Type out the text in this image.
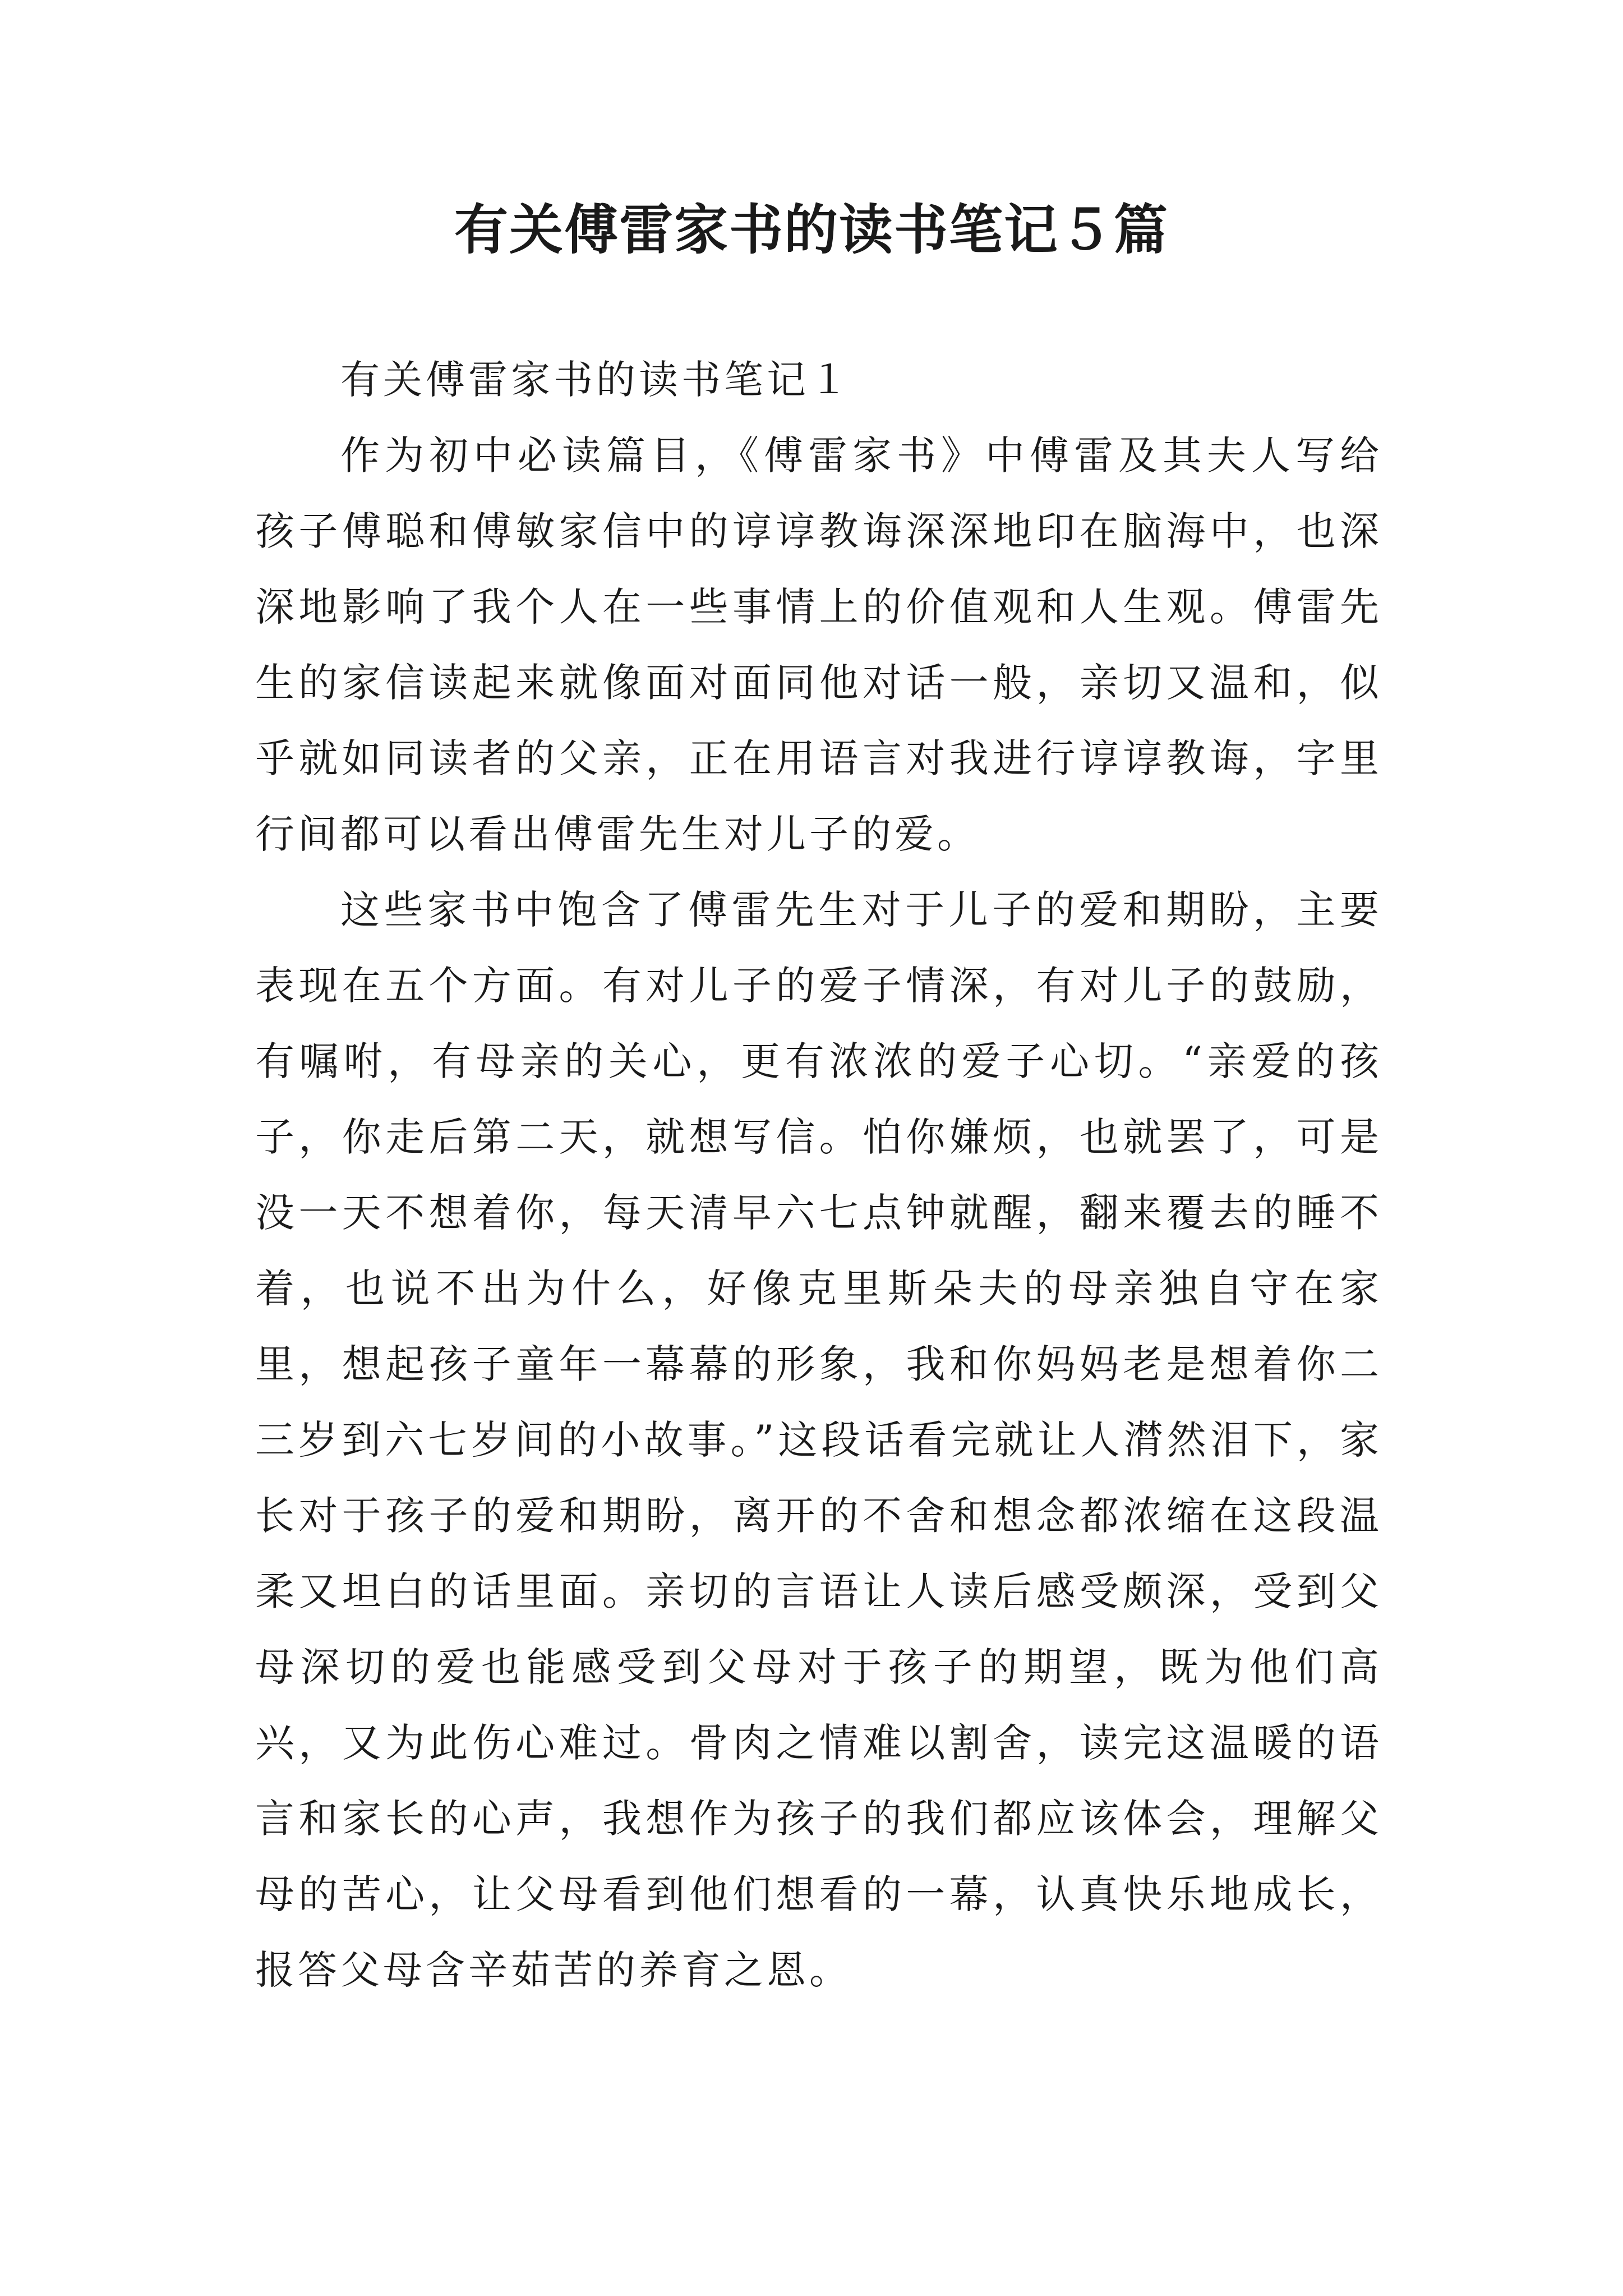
有关傅雷家书的读书笔记５篇
有关傅雷家书的读书笔记１

作为初中必读篇目，《傅雷家书》中傅雷及其夫人写给孩子傅聪和傅敏家信中的谆谆教诲深深地印在脑海中，也深深地影响了我个人在一些事情上的价值观和人生观。傅雷先生的家信读起来就像面对面同他对话一般，亲切又温和，似乎就如同读者的父亲，正在用语言对我进行谆谆教诲，字里行间都可以看出傅雷先生对儿子的爱。

这些家书中饱含了傅雷先生对于儿子的爱和期盼，主要表现在五个方面。有对儿子的爱子情深，有对儿子的鼓励，有嘱咐，有母亲的关心，更有浓浓的爱子心切。“亲爱的孩子，你走后第二天，就想写信。怕你嫌烦，也就罢了，可是没一天不想着你，每天清早六七点钟就醒，翻来覆去的睡不着，也说不出为什么，好像克里斯朵夫的母亲独自守在家里，想起孩子童年一幕幕的形象，我和你妈妈老是想着你二三岁到六七岁间的小故事。”这段话看完就让人潸然泪下，家长对于孩子的爱和期盼，离开的不舍和想念都浓缩在这段温柔又坦白的话里面。亲切的言语让人读后感受颇深，受到父母深切的爱也能感受到父母对于孩子的期望，既为他们高兴，又为此伤心难过。骨肉之情难以割舍，读完这温暖的语言和家长的心声，我想作为孩子的我们都应该体会，理解父母的苦心，让父母看到他们想看的一幕，认真快乐地成长，报答父母含辛茹苦的养育之恩。
